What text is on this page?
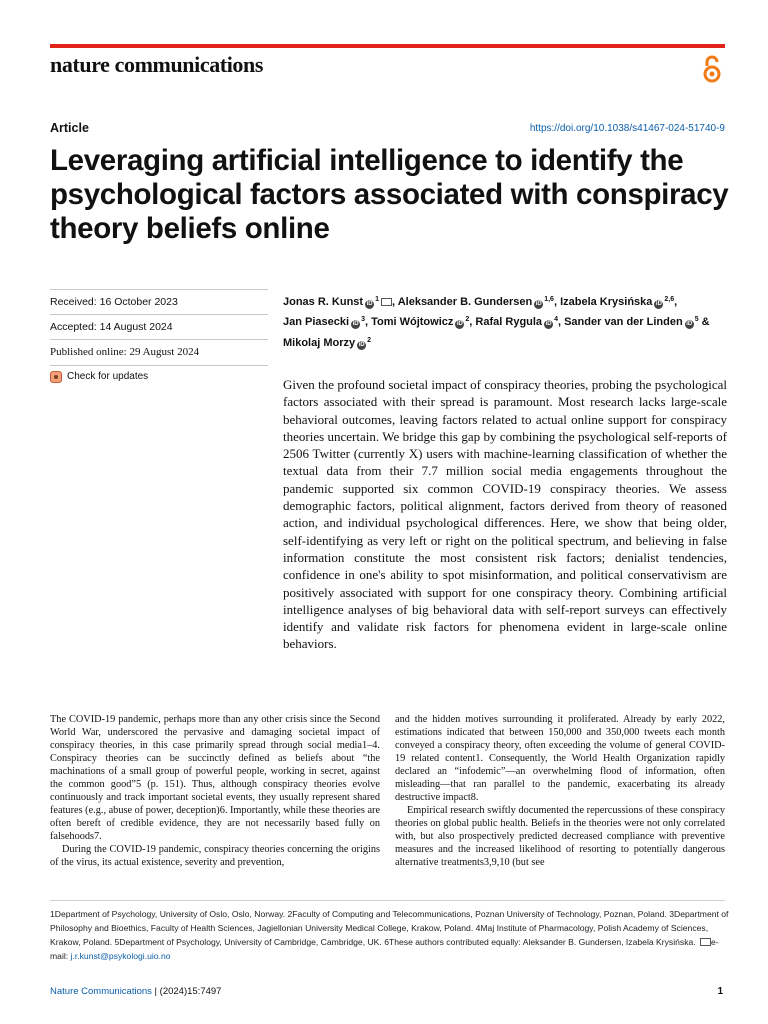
nature communications
Article	https://doi.org/10.1038/s41467-024-51740-9
Leveraging artificial intelligence to identify the psychological factors associated with conspiracy theory beliefs online
Received: 16 October 2023
Accepted: 14 August 2024
Published online: 29 August 2024
Check for updates
Jonas R. Kunst $iD^1$ , Aleksander B. Gundersen iD$^{1,6}$, Izabela Krysińska iD$^{2,6}$,
Jan Piasecki $iD^3$, Tomi Wójtowicz $iD^2$, Rafal Rygula $iD^4$, Sander van der Linden $iD^5$ &
Mikolaj Morzy $iD^2$

Given the profound societal impact of conspiracy theories, probing the psychological factors associated with their spread is paramount. Most research lacks large-scale behavioral outcomes, leaving factors related to actual online support for conspiracy theories uncertain. We bridge this gap by combining the psychological self-reports of 2506 Twitter (currently X) users with machine-learning classification of whether the textual data from their 7.7 million social media engagements throughout the pandemic supported six common COVID-19 conspiracy theories. We assess demographic factors, political alignment, factors derived from theory of reasoned action, and individual psychological differences. Here, we show that being older, self-identifying as very left or right on the political spectrum, and believing in false information constitute the most consistent risk factors; denialist tendencies, confidence in one's ability to spot misinformation, and political conservativism are positively associated with support for one conspiracy theory. Combining artificial intelligence analyses of big behavioral data with self-report surveys can effectively identify and validate risk factors for phenomena evident in large-scale online behaviors.

The COVID-19 pandemic, perhaps more than any other crisis since the Second World War, underscored the pervasive and damaging societal impact of conspiracy theories, in this case primarily spread through social media1–4. Conspiracy theories can be succinctly defined as beliefs about “the machinations of a small group of powerful people, working in secret, against the common good”5 (p. 151). Thus, although conspiracy theories evolve continuously and track important societal events, they usually represent shared features (e.g., abuse of power, deception)6. Importantly, while these theories are often bereft of credible evidence, they are not necessarily based fully on falsehoods7.

During the COVID-19 pandemic, conspiracy theories concerning the origins of the virus, its actual existence, severity and prevention,

and the hidden motives surrounding it proliferated. Already by early 2022, estimations indicated that between 150,000 and 350,000 tweets each month conveyed a conspiracy theory, often exceeding the volume of general COVID-19 related content1. Consequently, the World Health Organization rapidly declared an “infodemic”—an overwhelming flood of information, often misleading—that ran parallel to the pandemic, exacerbating its already destructive impact8.

Empirical research swiftly documented the repercussions of these conspiracy theories on global public health. Beliefs in the theories were not only correlated with, but also prospectively predicted decreased compliance with preventive measures and the increased likelihood of resorting to potentially dangerous alternative treatments3,9,10 (but see

1Department of Psychology, University of Oslo, Oslo, Norway. 2Faculty of Computing and Telecommunications, Poznan University of Technology, Poznan, Poland. 3Department of Philosophy and Bioethics, Faculty of Health Sciences, Jagiellonian University Medical College, Krakow, Poland. 4Maj Institute of Pharmacology, Polish Academy of Sciences, Krakow, Poland. 5Department of Psychology, University of Cambridge, Cambridge, UK. 6These authors contributed equally: Aleksander B. Gundersen, Izabela Krysińska. e-mail: j.r.kunst@psykologi.uio.no
Nature Communications | (2024)15:7497	1
